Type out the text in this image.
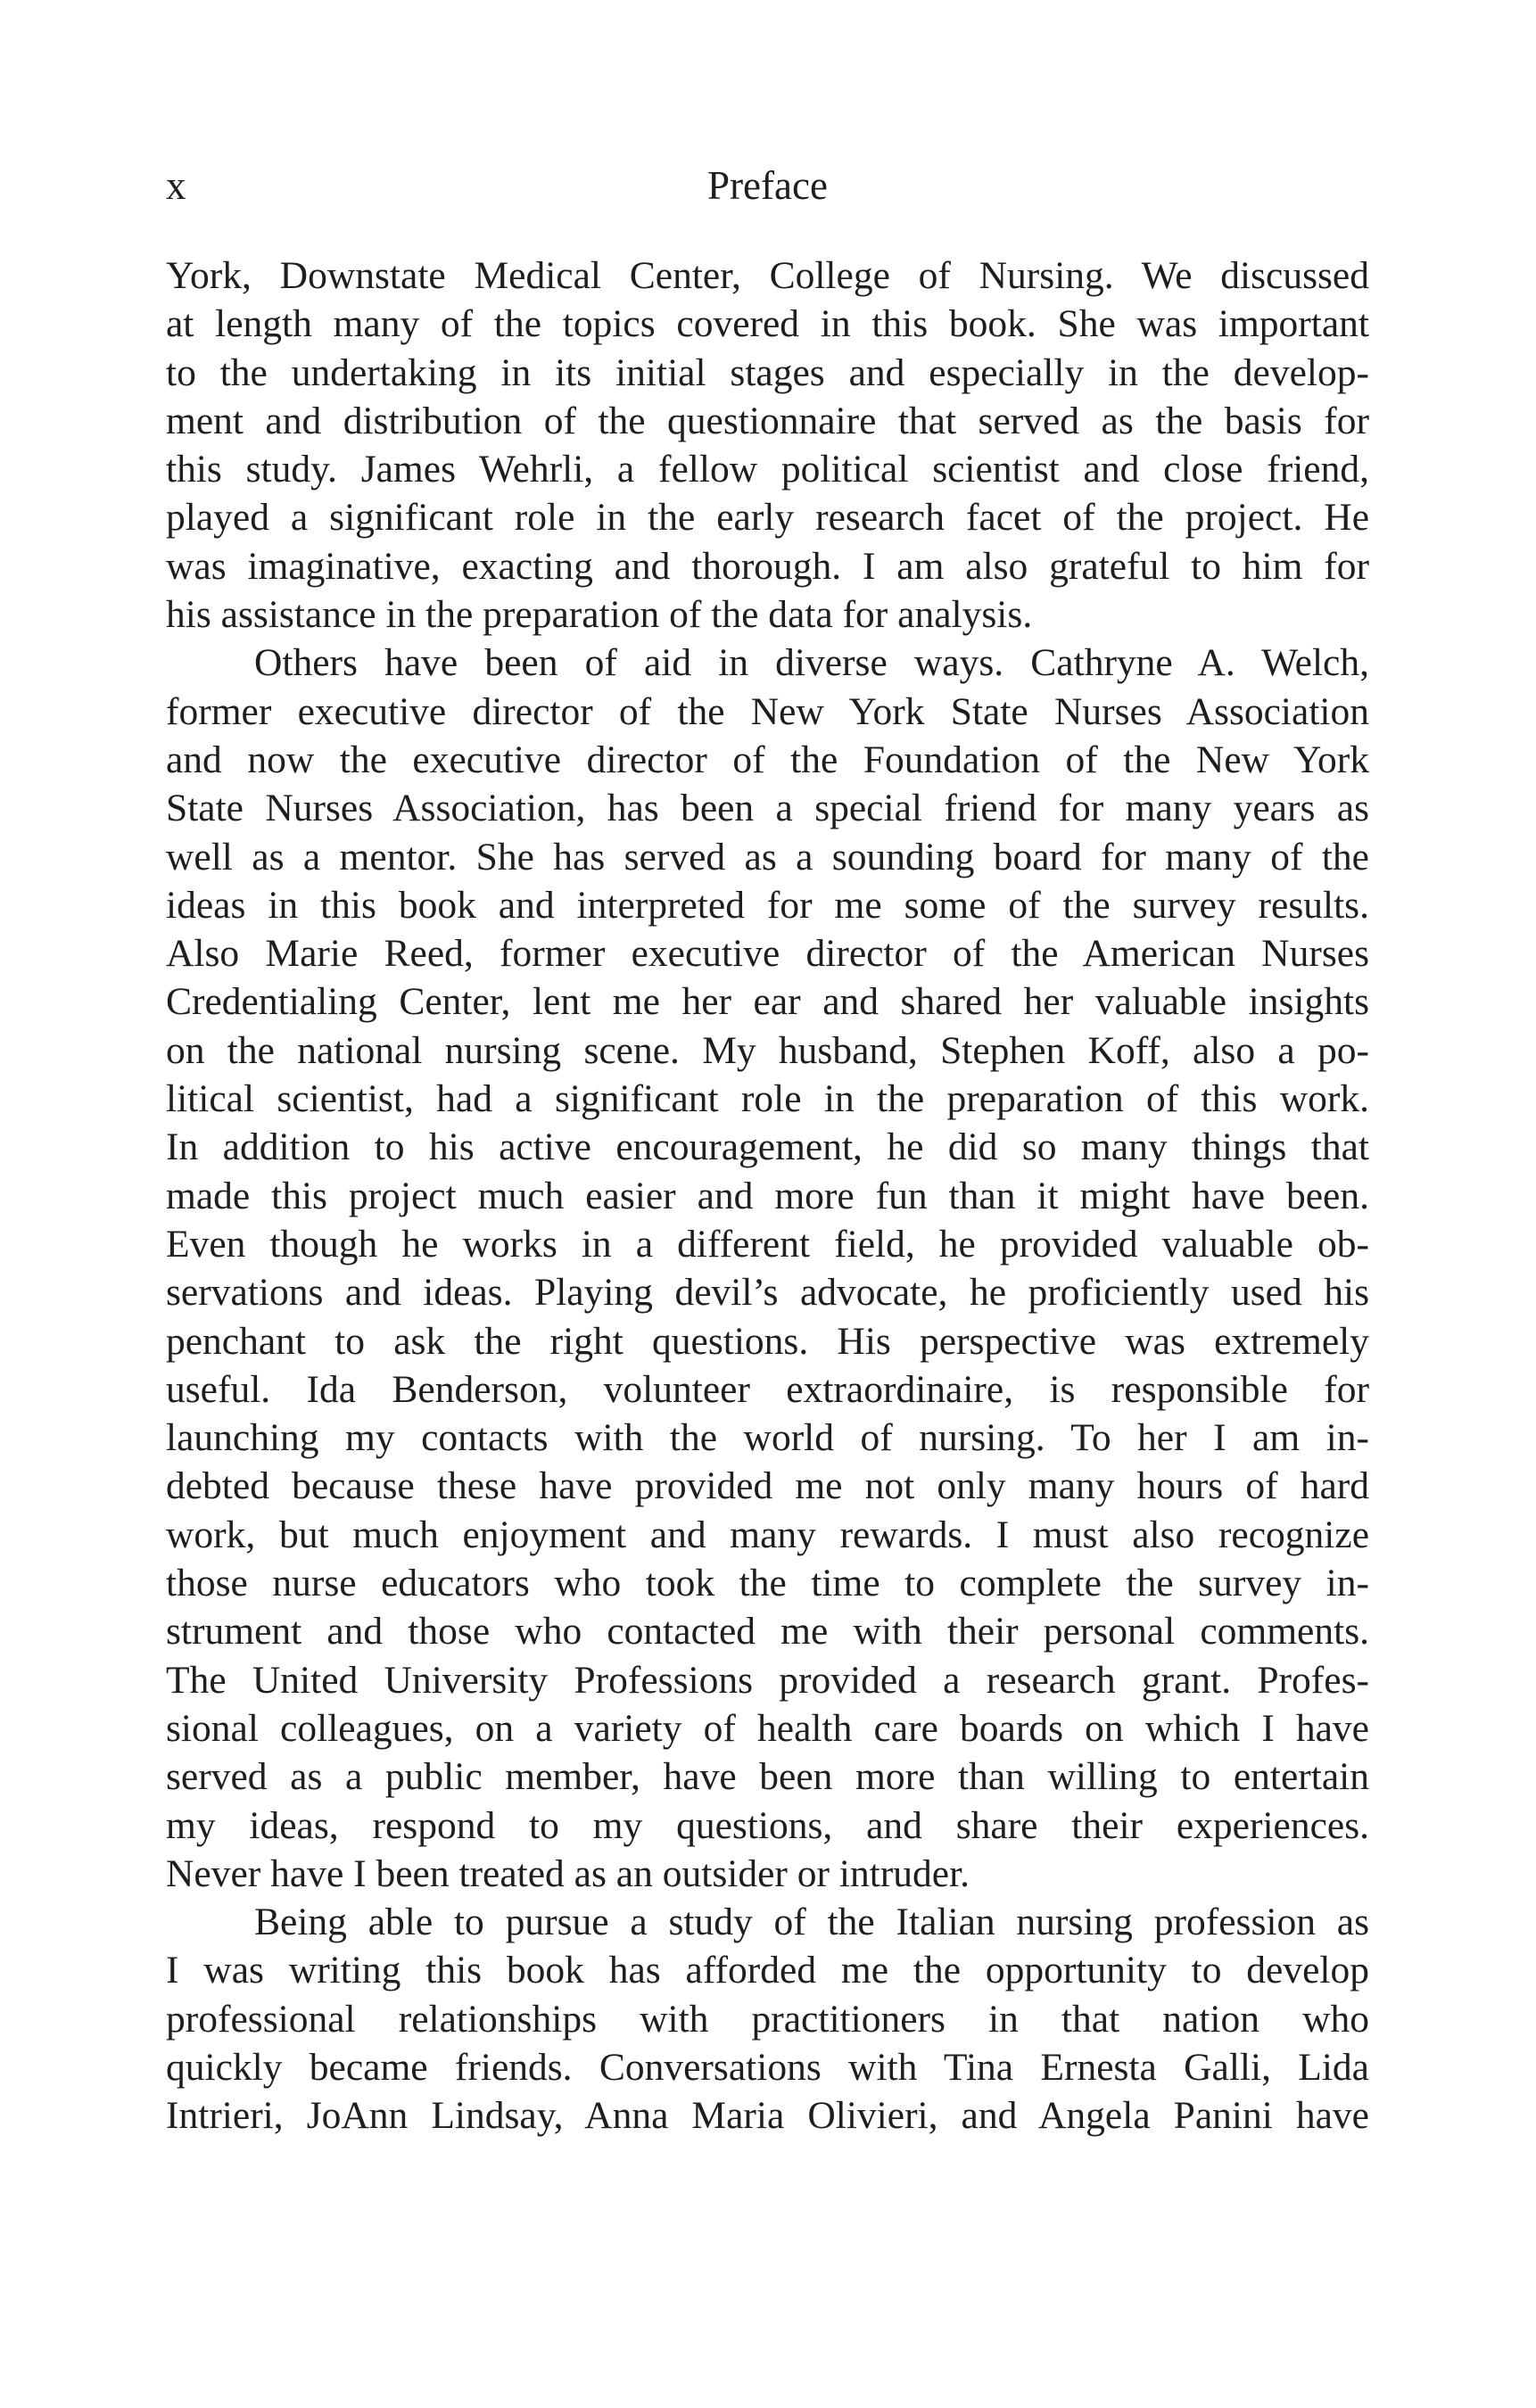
x	Preface
York, Downstate Medical Center, College of Nursing. We discussed
at length many of the topics covered in this book. She was important
to the undertaking in its initial stages and especially in the develop-
ment and distribution of the questionnaire that served as the basis for
this study. James Wehrli, a fellow political scientist and close friend,
played a significant role in the early research facet of the project. He
was imaginative, exacting and thorough. I am also grateful to him for
his assistance in the preparation of the data for analysis.
Others have been of aid in diverse ways. Cathryne A. Welch,
former executive director of the New York State Nurses Association
and now the executive director of the Foundation of the New York
State Nurses Association, has been a special friend for many years as
well as a mentor. She has served as a sounding board for many of the
ideas in this book and interpreted for me some of the survey results.
Also Marie Reed, former executive director of the American Nurses
Credentialing Center, lent me her ear and shared her valuable insights
on the national nursing scene. My husband, Stephen Koff, also a po-
litical scientist, had a significant role in the preparation of this work.
In addition to his active encouragement, he did so many things that
made this project much easier and more fun than it might have been.
Even though he works in a different field, he provided valuable ob-
servations and ideas. Playing devil’s advocate, he proficiently used his
penchant to ask the right questions. His perspective was extremely
useful. Ida Benderson, volunteer extraordinaire, is responsible for
launching my contacts with the world of nursing. To her I am in-
debted because these have provided me not only many hours of hard
work, but much enjoyment and many rewards. I must also recognize
those nurse educators who took the time to complete the survey in-
strument and those who contacted me with their personal comments.
The United University Professions provided a research grant. Profes-
sional colleagues, on a variety of health care boards on which I have
served as a public member, have been more than willing to entertain
my ideas, respond to my questions, and share their experiences.
Never have I been treated as an outsider or intruder.
Being able to pursue a study of the Italian nursing profession as
I was writing this book has afforded me the opportunity to develop
professional relationships with practitioners in that nation who
quickly became friends. Conversations with Tina Ernesta Galli, Lida
Intrieri, JoAnn Lindsay, Anna Maria Olivieri, and Angela Panini have
